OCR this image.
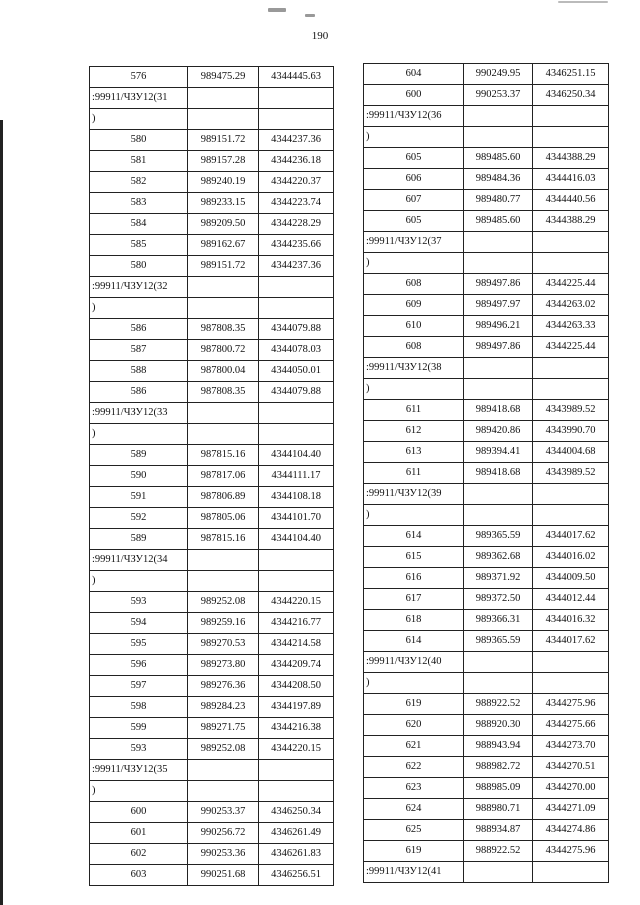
190
576	989475.29	4344445.63
:99911/ЧЗУ12(31		
)		
580	989151.72	4344237.36
581	989157.28	4344236.18
582	989240.19	4344220.37
583	989233.15	4344223.74
584	989209.50	4344228.29
585	989162.67	4344235.66
580	989151.72	4344237.36
:99911/ЧЗУ12(32		
)		
586	987808.35	4344079.88
587	987800.72	4344078.03
588	987800.04	4344050.01
586	987808.35	4344079.88
:99911/ЧЗУ12(33		
)		
589	987815.16	4344104.40
590	987817.06	4344111.17
591	987806.89	4344108.18
592	987805.06	4344101.70
589	987815.16	4344104.40
:99911/ЧЗУ12(34		
)		
593	989252.08	4344220.15
594	989259.16	4344216.77
595	989270.53	4344214.58
596	989273.80	4344209.74
597	989276.36	4344208.50
598	989284.23	4344197.89
599	989271.75	4344216.38
593	989252.08	4344220.15
:99911/ЧЗУ12(35		
)		
600	990253.37	4346250.34
601	990256.72	4346261.49
602	990253.36	4346261.83
603	990251.68	4346256.51
604	990249.95	4346251.15
600	990253.37	4346250.34
:99911/ЧЗУ12(36		
)		
605	989485.60	4344388.29
606	989484.36	4344416.03
607	989480.77	4344440.56
605	989485.60	4344388.29
:99911/ЧЗУ12(37		
)		
608	989497.86	4344225.44
609	989497.97	4344263.02
610	989496.21	4344263.33
608	989497.86	4344225.44
:99911/ЧЗУ12(38		
)		
611	989418.68	4343989.52
612	989420.86	4343990.70
613	989394.41	4344004.68
611	989418.68	4343989.52
:99911/ЧЗУ12(39		
)		
614	989365.59	4344017.62
615	989362.68	4344016.02
616	989371.92	4344009.50
617	989372.50	4344012.44
618	989366.31	4344016.32
614	989365.59	4344017.62
:99911/ЧЗУ12(40		
)		
619	988922.52	4344275.96
620	988920.30	4344275.66
621	988943.94	4344273.70
622	988982.72	4344270.51
623	988985.09	4344270.00
624	988980.71	4344271.09
625	988934.87	4344274.86
619	988922.52	4344275.96
:99911/ЧЗУ12(41		
